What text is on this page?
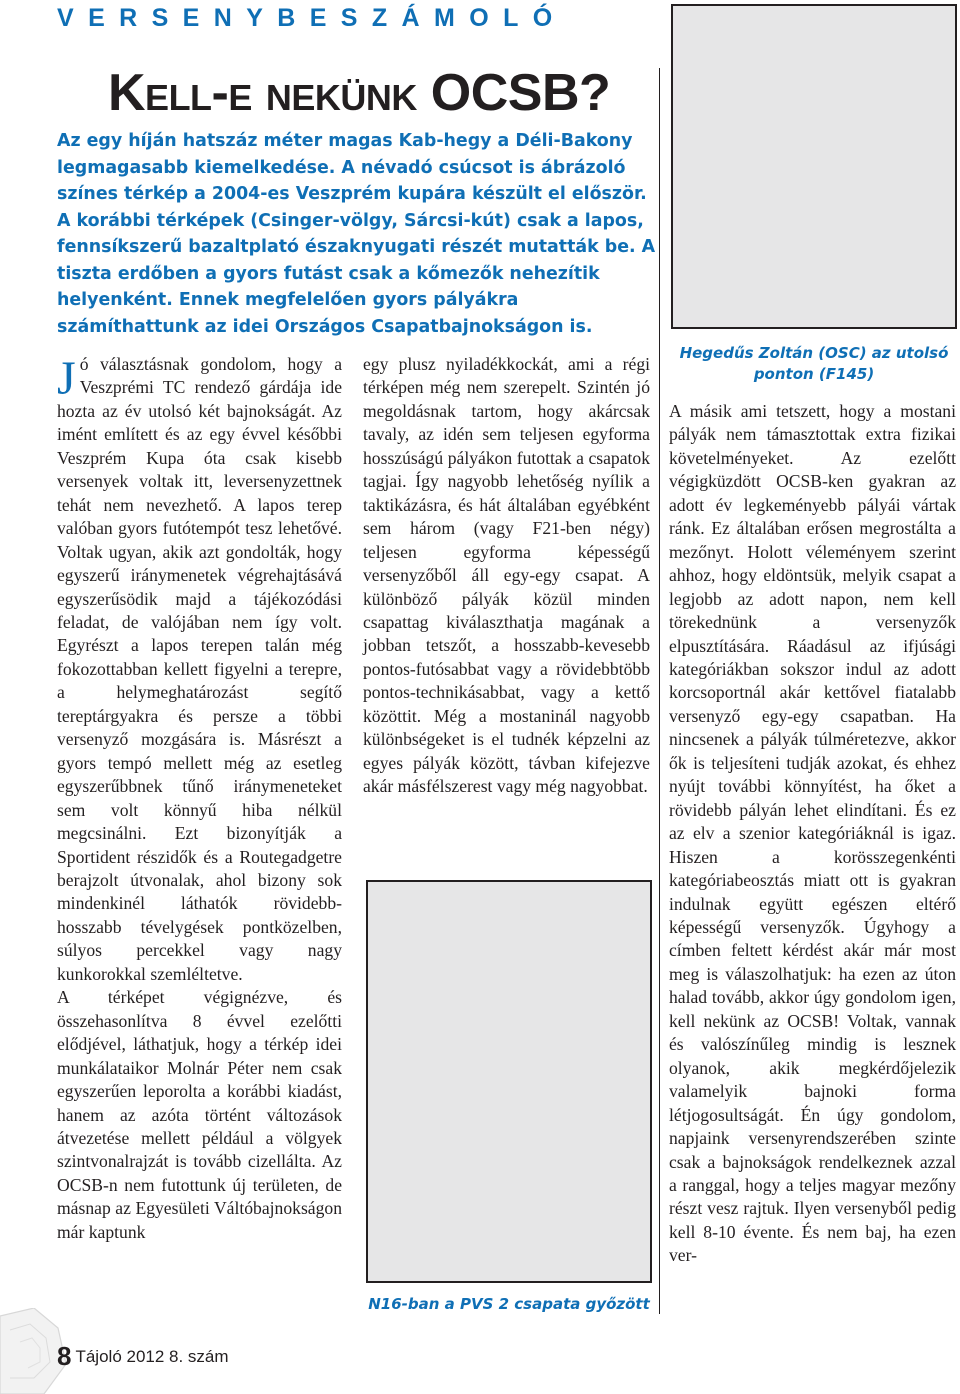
VERSENYBESZÁMOLÓ
Kell-e nekünk OCSB?
Az egy híján hatszáz méter magas Kab-hegy a Déli-Bakony legmagasabb kiemelkedése. A névadó csúcsot is ábrázoló színes térkép a 2004-es Veszprém kupára készült el először. A korábbi térképek (Csinger-völgy, Sárcsi-kút) csak a lapos, fennsíkszerű bazaltplató északnyugati részét mutatták be. A tiszta erdőben a gyors futást csak a kőmezők nehezítik helyenként. Ennek megfelelően gyors pályákra számíthattunk az idei Országos Csapatbajnokságon is.

Jó választásnak gondolom, hogy a Veszprémi TC rendező gárdája ide hozta az év utolsó két bajnokságát. Az imént említett és az egy évvel későbbi Veszprém Kupa óta csak kisebb versenyek voltak itt, leversenyzettnek tehát nem nevezhető. A lapos terep valóban gyors futótempót tesz lehetővé. Voltak ugyan, akik azt gondolták, hogy egyszerű iránymenetek végrehajtásává egyszerűsödik majd a tájékozódási feladat, de valójában nem így volt. Egyrészt a lapos terepen talán még fokozottabban kellett figyelni a terepre, a helymeghatározást segítő tereptárgyakra és persze a többi versenyző mozgására is. Másrészt a gyors tempó mellett még az esetleg egyszerűbbnek tűnő iránymeneteket sem volt könnyű hiba nélkül megcsinálni. Ezt bizonyítják a Sportident részidők és a Routegadgetre berajzolt útvonalak, ahol bizony sok mindenkinél láthatók rövidebb-hosszabb tévelygések pontközelben, súlyos percekkel vagy nagy kunkorokkal szemléltetve.

A térképet végignézve, és összehasonlítva 8 évvel ezelőtti elődjével, láthatjuk, hogy a térkép idei munkálataikor Molnár Péter nem csak egyszerűen leporolta a korábbi kiadást, hanem az azóta történt változások átvezetése mellett például a völgyek szintvonalrajzát is tovább cizellálta. Az OCSB-n nem futottunk új területen, de másnap az Egyesületi Váltóbajnokságon már kaptunk

egy plusz nyiladékkockát, ami a régi térképen még nem szerepelt. Szintén jó megoldásnak tartom, hogy akárcsak tavaly, az idén sem teljesen egyforma hosszúságú pályákon futottak a csapatok tagjai. Így nagyobb lehetőség nyílik a taktikázásra, és hát általában egyébként sem három (vagy F21-ben négy) teljesen egyforma képességű versenyzőből áll egy-egy csapat. A különböző pályák közül minden csapattag kiválaszthatja magának a jobban tetszőt, a hosszabb-kevesebb pontos-futósabbat vagy a rövidebbtöbb pontos-technikásabbat, vagy a kettő közöttit. Még a mostaninál nagyobb különbségeket is el tudnék képzelni az egyes pályák között, távban kifejezve akár másfélszerest vagy még nagyobbat.

N16-ban a PVS 2 csapata győzött
Hegedűs Zoltán (OSC) az utolsó ponton (F145)

A másik ami tetszett, hogy a mostani pályák nem támasztottak extra fizikai követelményeket. Az ezelőtt végigküzdött OCSB-ken gyakran az adott év legkeményebb pályái vártak ránk. Ez általában erősen megrostálta a mezőnyt. Holott véleményem szerint ahhoz, hogy eldöntsük, melyik csapat a legjobb az adott napon, nem kell törekednünk a versenyzők elpusztítására. Ráadásul az ifjúsági kategóriákban sokszor indul az adott korcsoportnál akár kettővel fiatalabb versenyző egy-egy csapatban. Ha nincsenek a pályák túlméretezve, akkor ők is teljesíteni tudják azokat, és ehhez nyújt további könnyítést, ha őket a rövidebb pályán lehet elindítani. És ez az elv a szenior kategóriáknál is igaz. Hiszen a korösszegenkénti kategóriabeosztás miatt ott is gyakran indulnak együtt egészen eltérő képességű versenyzők. Úgyhogy a címben feltett kérdést akár már most meg is válaszolhatjuk: ha ezen az úton halad tovább, akkor úgy gondolom igen, kell nekünk az OCSB! Voltak, vannak és valószínűleg mindig is lesznek olyanok, akik megkérdőjelezik valamelyik bajnoki forma létjogosultságát. Én úgy gondolom, napjaink versenyrendszerében szinte csak a bajnokságok rendelkeznek azzal a ranggal, hogy a teljes magyar mezőny részt vesz rajtuk. Ilyen versenyből pedig kell 8-10 évente. És nem baj, ha ezen ver-

8 Tájoló 2012 8. szám
